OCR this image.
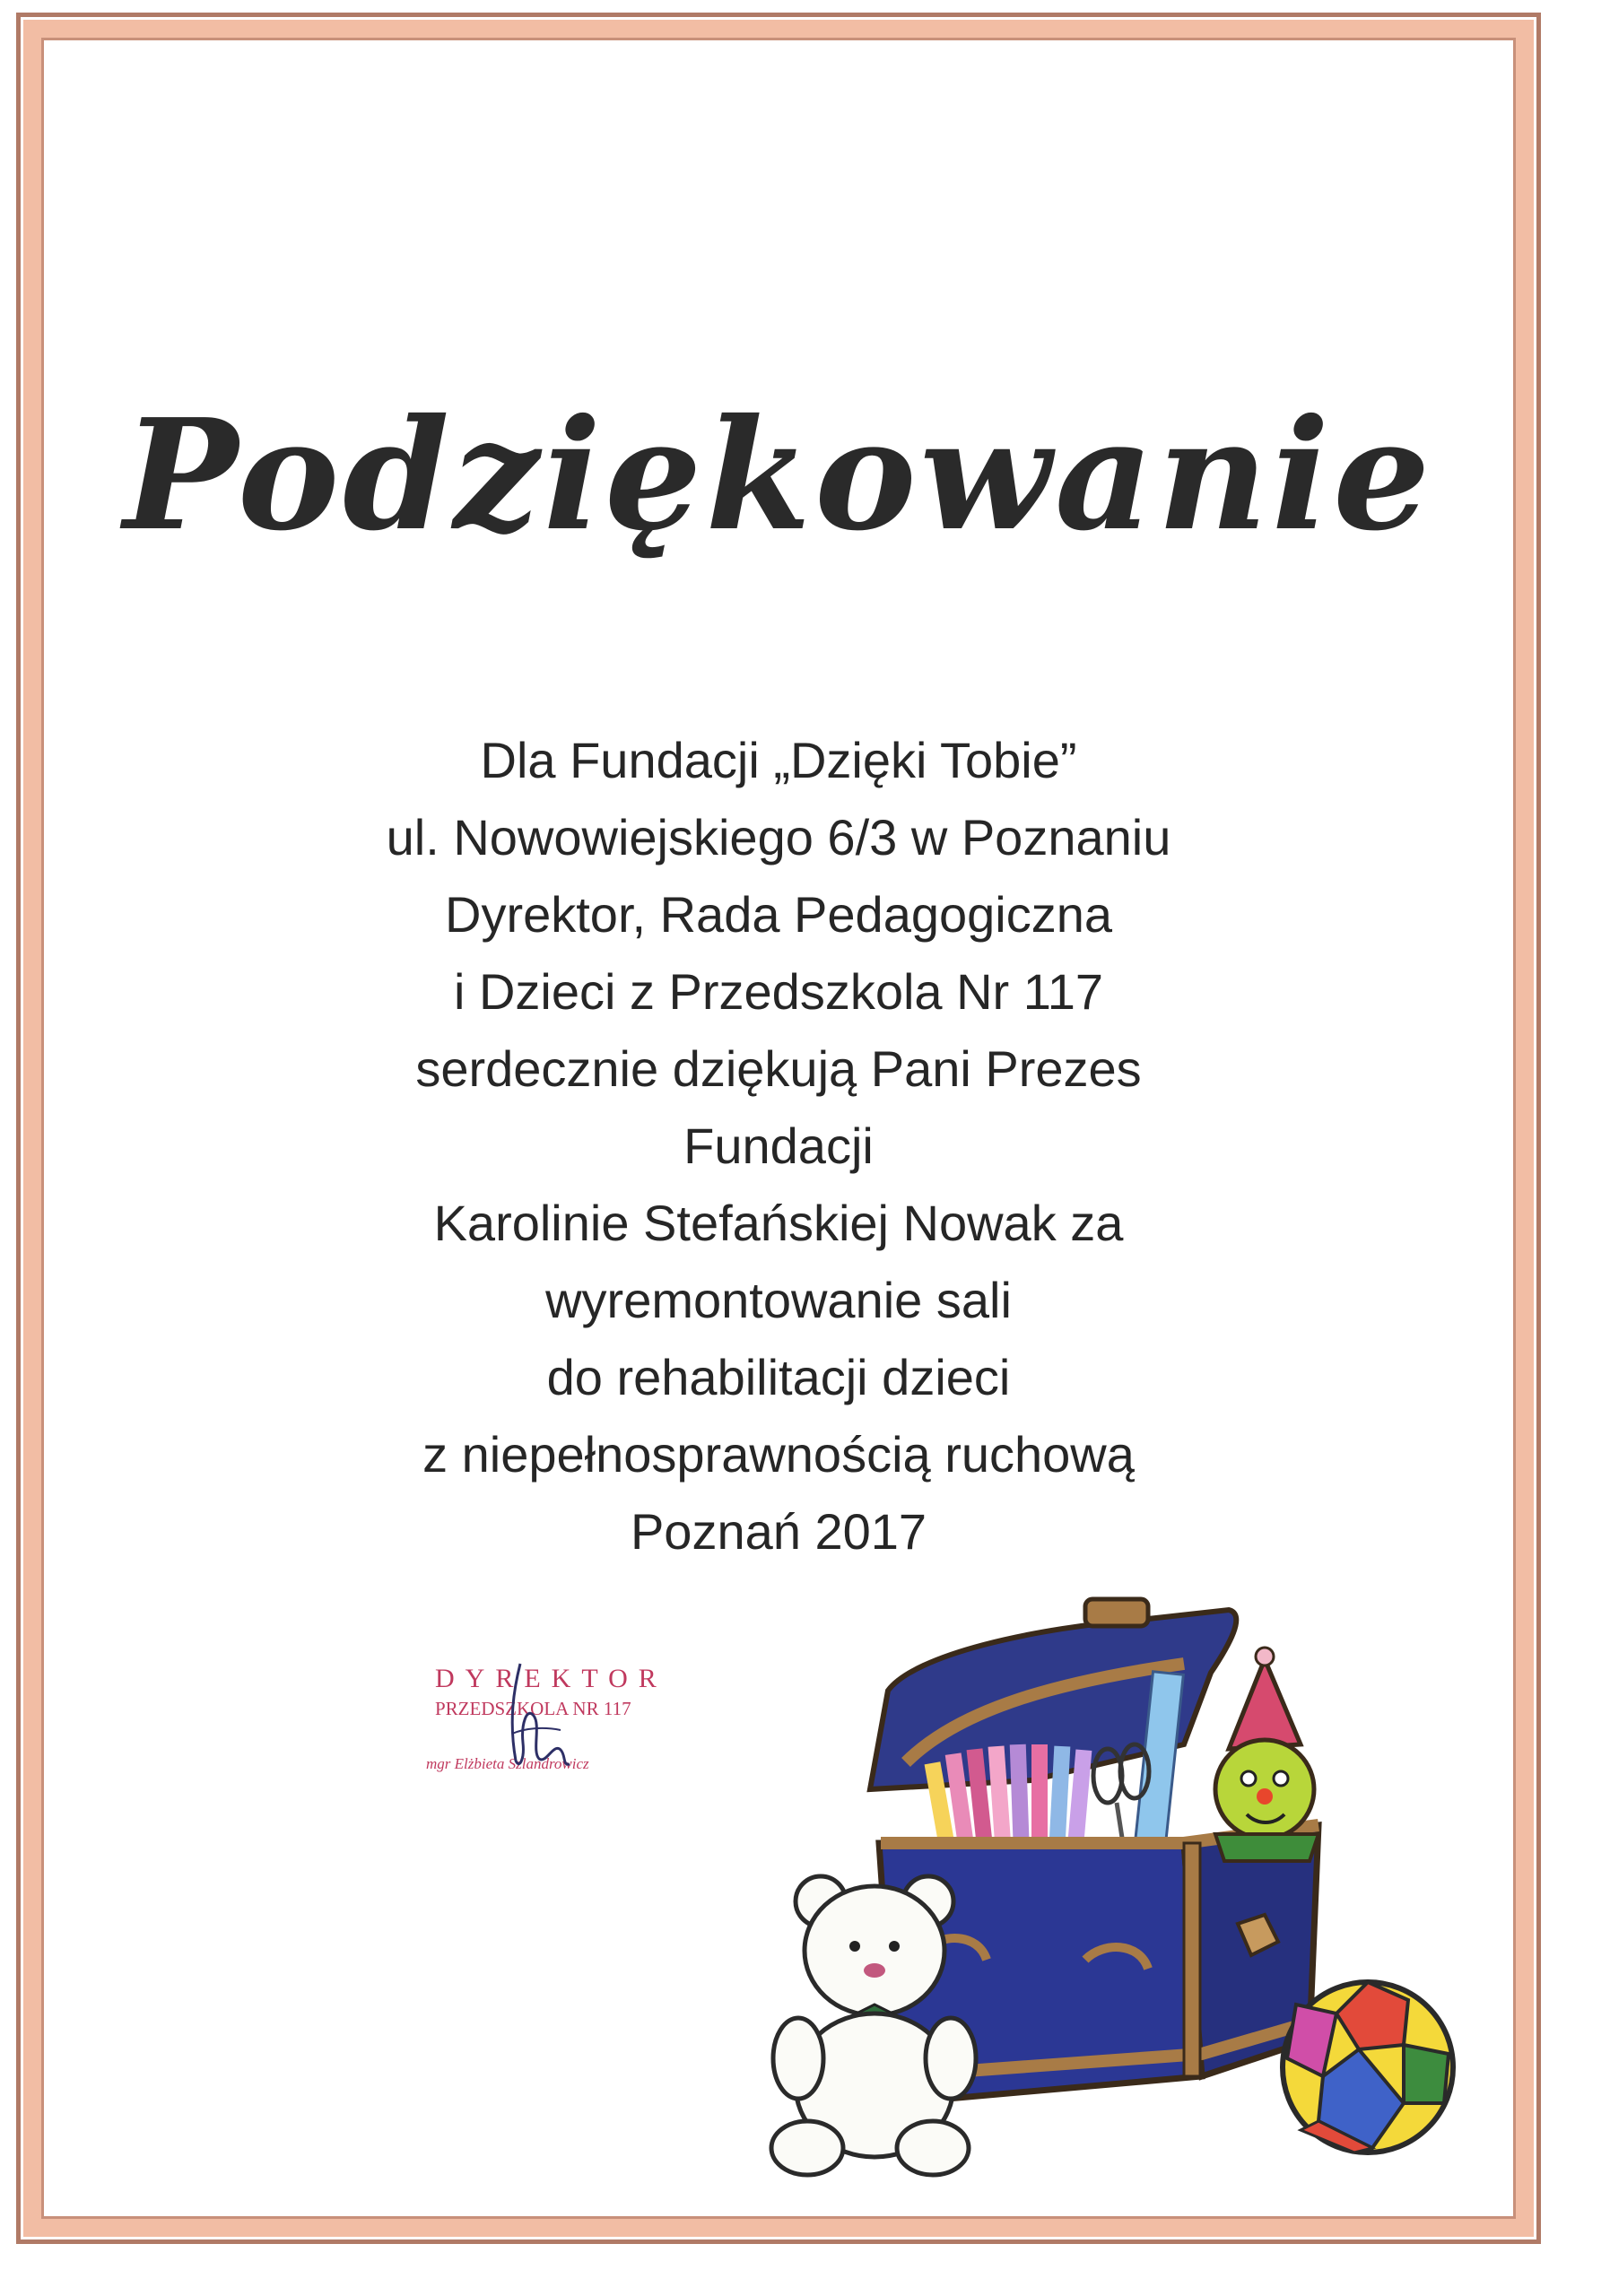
Podziękowanie
Dla Fundacji „Dzięki Tobie”
ul. Nowowiejskiego 6/3 w Poznaniu
Dyrektor, Rada Pedagogiczna
i Dzieci z Przedszkola Nr 117
serdecznie dziękują Pani Prezes
Fundacji
Karolinie Stefańskiej Nowak za
wyremontowanie sali
do rehabilitacji dzieci
z niepełnosprawnością ruchową
Poznań 2017
DYREKTOR
PRZEDSZKOLA NR 117
mgr Elżbieta Szlandrowicz
